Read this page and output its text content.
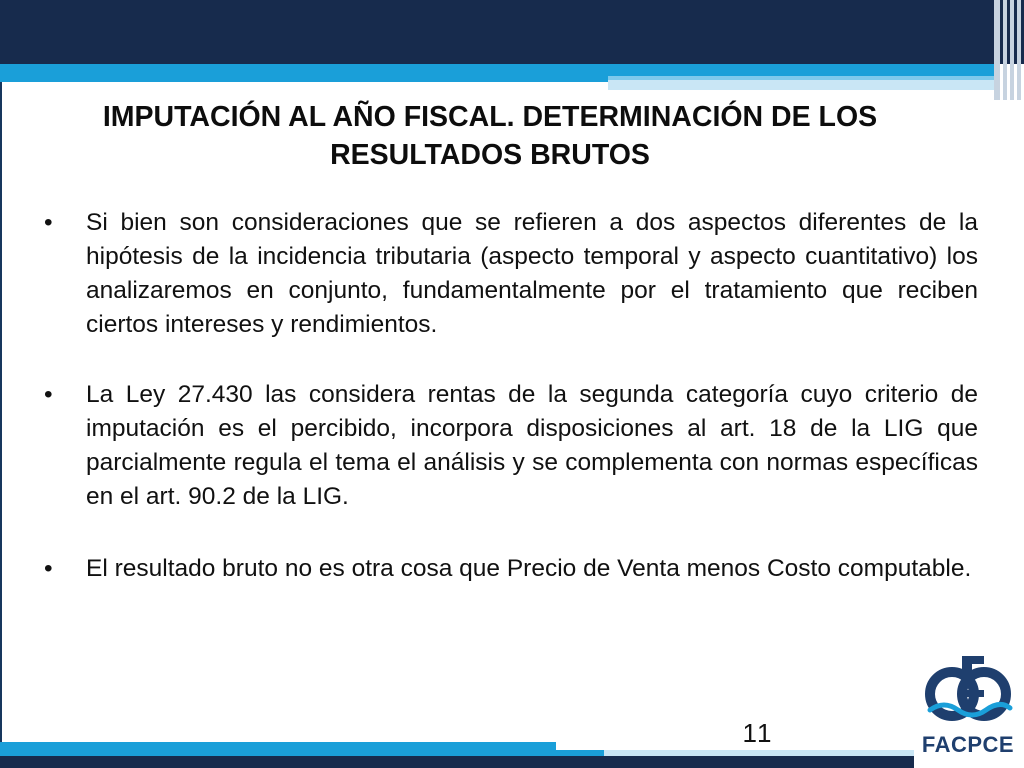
IMPUTACIÓN AL AÑO FISCAL. DETERMINACIÓN DE LOS RESULTADOS BRUTOS
•	Si bien son consideraciones que se refieren a dos aspectos diferentes de la hipótesis de la incidencia tributaria (aspecto temporal y aspecto cuantitativo) los analizaremos en conjunto, fundamentalmente por el tratamiento que reciben ciertos intereses y rendimientos.
•	La Ley 27.430 las considera rentas de la segunda categoría cuyo criterio de imputación es el percibido, incorpora disposiciones al art. 18 de la LIG que parcialmente regula el tema el análisis y se complementa con normas específicas en el art. 90.2 de la LIG.
•	El resultado bruto no es otra cosa que Precio de Venta menos Costo computable.
11	FACPCE
